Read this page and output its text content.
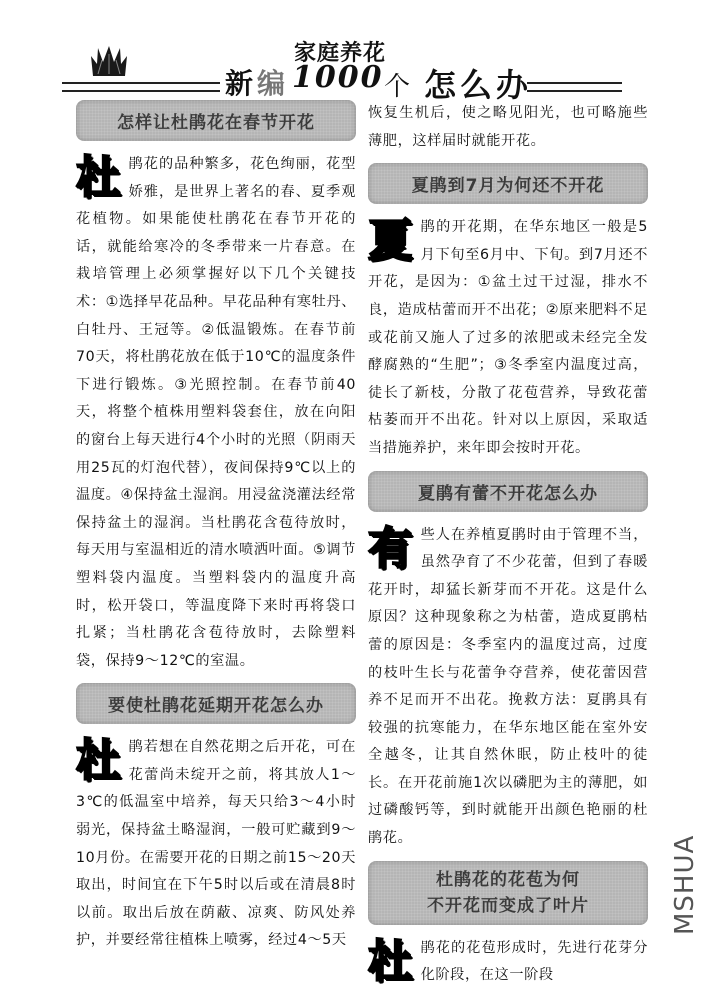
新 编
家庭养花
1000 个 怎么办
怎样让杜鹃花在春节开花

杜 鹃花的品种繁多，花色绚丽，花型娇雅，是世界上著名的春、夏季观花植物。如果能使杜鹃花在春节开花的话，就能给寒冷的冬季带来一片春意。在栽培管理上必须掌握好以下几个关键技术：①选择早花品种。早花品种有寒牡丹、白牡丹、王冠等。②低温锻炼。在春节前70天，将杜鹃花放在低于10℃的温度条件下进行锻炼。③光照控制。在春节前40天，将整个植株用塑料袋套住，放在向阳的窗台上每天进行4个小时的光照（阴雨天用25瓦的灯泡代替），夜间保持9℃以上的温度。④保持盆土湿润。用浸盆浇灌法经常保持盆土的湿润。当杜鹃花含苞待放时，每天用与室温相近的清水喷洒叶面。⑤调节塑料袋内温度。当塑料袋内的温度升高时，松开袋口，等温度降下来时再将袋口扎紧；当杜鹃花含苞待放时，去除塑料袋，保持9～12℃的室温。

要使杜鹃花延期开花怎么办

杜 鹃若想在自然花期之后开花，可在花蕾尚未绽开之前，将其放人1～3℃的低温室中培养，每天只给3～4小时弱光，保持盆土略湿润，一般可贮藏到9～10月份。在需要开花的日期之前15～20天取出，时间宜在下午5时以后或在清晨8时以前。取出后放在荫蔽、凉爽、防风处养护，并要经常往植株上喷雾，经过4～5天

恢复生机后，使之略见阳光，也可略施些薄肥，这样届时就能开花。

夏鹃到7月为何还不开花

夏 鹃的开花期，在华东地区一般是5月下旬至6月中、下旬。到7月还不开花，是因为：①盆土过干过湿，排水不良，造成枯蕾而开不出花；②原来肥料不足或花前又施人了过多的浓肥或未经完全发酵腐熟的“生肥”；③冬季室内温度过高，徒长了新枝，分散了花苞营养，导致花蕾枯萎而开不出花。针对以上原因，采取适当措施养护，来年即会按时开花。

夏鹃有蕾不开花怎么办

有 些人在养植夏鹃时由于管理不当，虽然孕育了不少花蕾，但到了春暖花开时，却猛长新芽而不开花。这是什么原因？这种现象称之为枯蕾，造成夏鹃枯蕾的原因是：冬季室内的温度过高，过度的枝叶生长与花蕾争夺营养，使花蕾因营养不足而开不出花。挽救方法：夏鹃具有较强的抗寒能力，在华东地区能在室外安全越冬，让其自然休眠，防止枝叶的徒长。在开花前施1次以磷肥为主的薄肥，如过磷酸钙等，到时就能开出颜色艳丽的杜鹃花。

杜鹃花的花苞为何
不开花而变成了叶片

杜 鹃花的花苞形成时，先进行花芽分化阶段，在这一阶段

MSHUA
